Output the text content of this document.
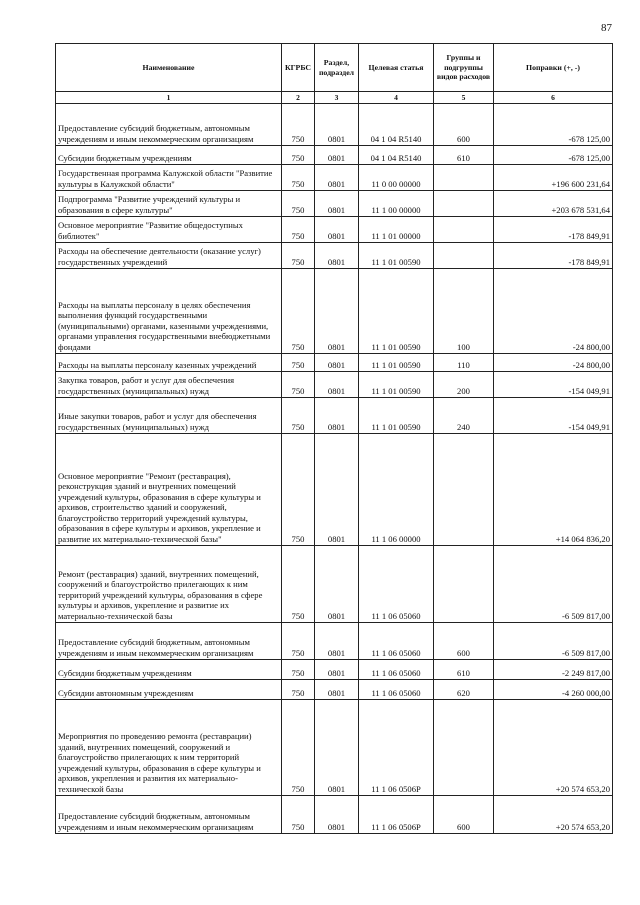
87
Наименование	КГРБС	Раздел, подраздел	Целевая статья	Группы и подгруппы видов расходов	Поправки (+, -)
1	2	3	4	5	6
Предоставление субсидий бюджетным, автономным учреждениям и иным некоммерческим организациям	750	0801	04 1 04 R5140	600	-678 125,00
Субсидии бюджетным учреждениям	750	0801	04 1 04 R5140	610	-678 125,00
Государственная программа Калужской области "Развитие культуры в Калужской области"	750	0801	11 0 00 00000		+196 600 231,64
Подпрограмма "Развитие учреждений культуры и образования в сфере культуры"	750	0801	11 1 00 00000		+203 678 531,64
Основное мероприятие "Развитие общедоступных библиотек"	750	0801	11 1 01 00000		-178 849,91
Расходы на обеспечение деятельности (оказание услуг) государственных учреждений	750	0801	11 1 01 00590		-178 849,91
Расходы на выплаты персоналу в целях обеспечения выполнения функций государственными (муниципальными) органами, казенными учреждениями, органами управления государственными внебюджетными фондами	750	0801	11 1 01 00590	100	-24 800,00
Расходы на выплаты персоналу казенных учреждений	750	0801	11 1 01 00590	110	-24 800,00
Закупка товаров, работ и услуг для обеспечения государственных (муниципальных) нужд	750	0801	11 1 01 00590	200	-154 049,91
Иные закупки товаров, работ и услуг для обеспечения государственных (муниципальных) нужд	750	0801	11 1 01 00590	240	-154 049,91
Основное мероприятие "Ремонт (реставрация), реконструкция зданий и внутренних помещений учреждений культуры, образования в сфере культуры и архивов, строительство зданий и сооружений, благоустройство территорий учреждений культуры, образования в сфере культуры и архивов, укрепление и развитие их материально-технической базы"	750	0801	11 1 06 00000		+14 064 836,20
Ремонт (реставрация) зданий, внутренних помещений, сооружений и благоустройство прилегающих к ним территорий учреждений культуры, образования в сфере культуры и архивов, укрепление и развитие их материально-технической базы	750	0801	11 1 06 05060		-6 509 817,00
Предоставление субсидий бюджетным, автономным учреждениям и иным некоммерческим организациям	750	0801	11 1 06 05060	600	-6 509 817,00
Субсидии бюджетным учреждениям	750	0801	11 1 06 05060	610	-2 249 817,00
Субсидии автономным учреждениям	750	0801	11 1 06 05060	620	-4 260 000,00
Мероприятия по проведению ремонта (реставрации) зданий, внутренних помещений, сооружений и благоустройство прилегающих к ним территорий учреждений культуры, образования в сфере культуры и архивов, укрепления и развития их материально-технической базы	750	0801	11 1 06 0506Р		+20 574 653,20
Предоставление субсидий бюджетным, автономным учреждениям и иным некоммерческим организациям	750	0801	11 1 06 0506Р	600	+20 574 653,20
